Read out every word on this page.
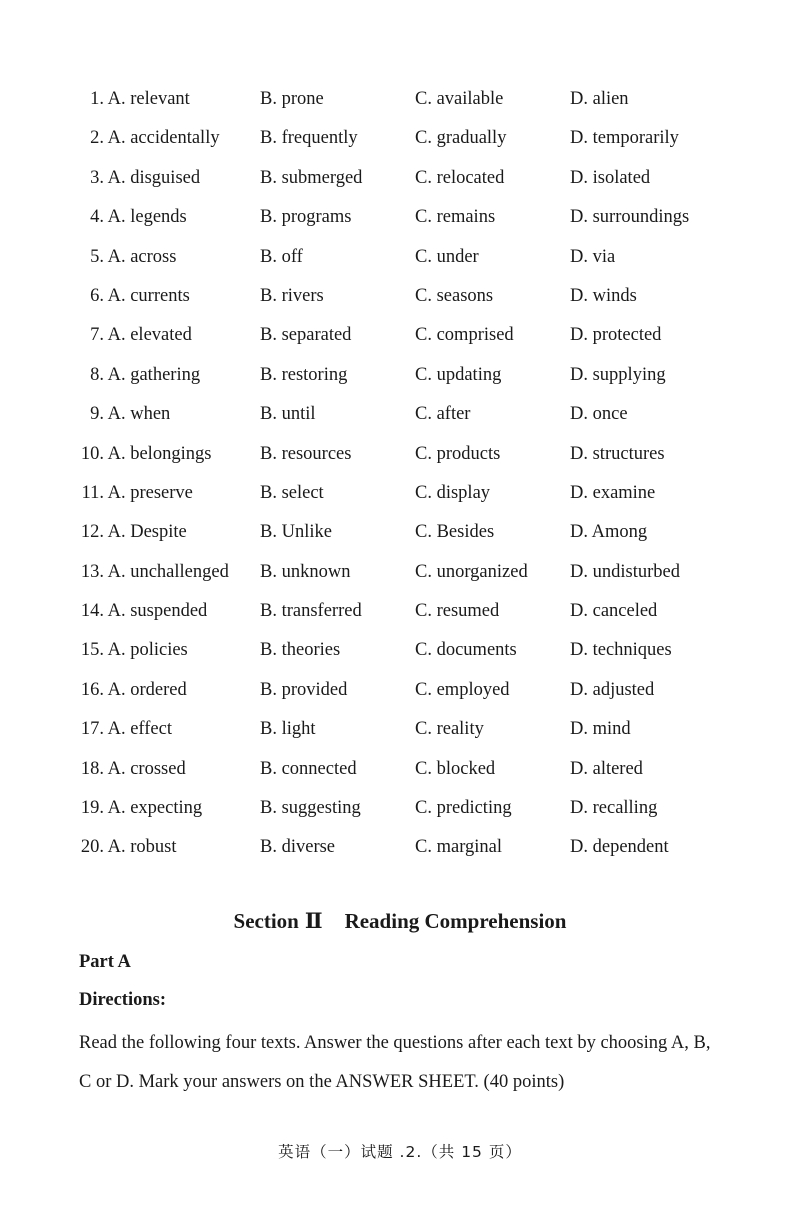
1. A. relevant	B. prone	C. available	D. alien
2. A. accidentally	B. frequently	C. gradually	D. temporarily
3. A. disguised	B. submerged	C. relocated	D. isolated
4. A. legends	B. programs	C. remains	D. surroundings
5. A. across	B. off	C. under	D. via
6. A. currents	B. rivers	C. seasons	D. winds
7. A. elevated	B. separated	C. comprised	D. protected
8. A. gathering	B. restoring	C. updating	D. supplying
9. A. when	B. until	C. after	D. once
10. A. belongings	B. resources	C. products	D. structures
11. A. preserve	B. select	C. display	D. examine
12. A. Despite	B. Unlike	C. Besides	D. Among
13. A. unchallenged B. unknown	C. unorganized D. undisturbed
14. A. suspended	B. transferred	C. resumed	D. canceled
15. A. policies	B. theories	C. documents	D. techniques
16. A. ordered	B. provided	C. employed	D. adjusted
17. A. effect	B. light	C. reality	D. mind
18. A. crossed	B. connected	C. blocked	D. altered
19. A. expecting	B. suggesting	C. predicting	D. recalling
20. A. robust	B. diverse	C. marginal	D. dependent
Section Ⅱ Reading Comprehension
Part A
Directions:
Read the following four texts. Answer the questions after each text by choosing A, B, C or D. Mark your answers on the ANSWER SHEET. (40 points)
英语（一）试题 .2.（共 15 页）
